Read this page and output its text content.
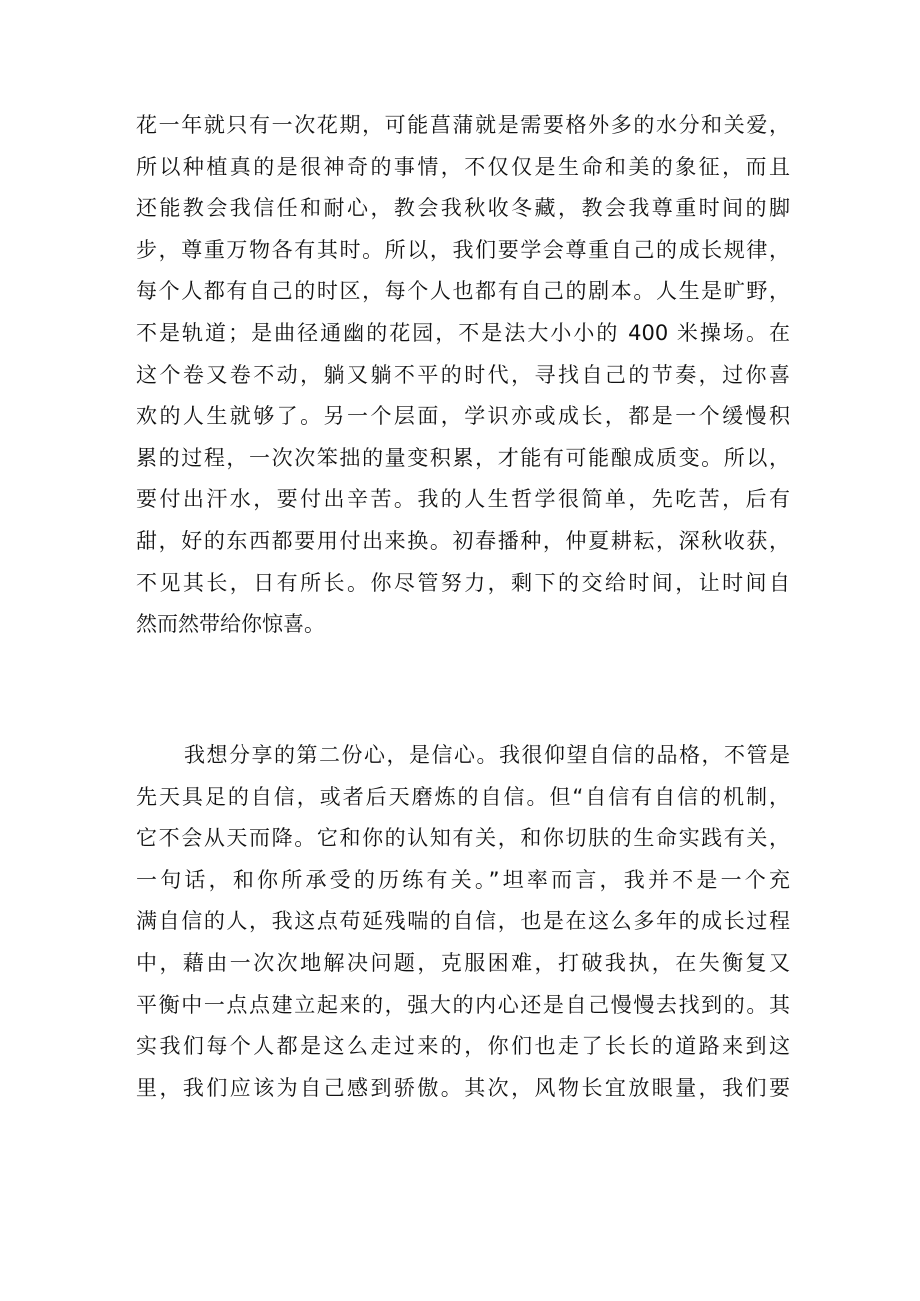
花一年就只有一次花期，可能菖蒲就是需要格外多的水分和关爱，
所以种植真的是很神奇的事情，不仅仅是生命和美的象征，而且
还能教会我信任和耐心，教会我秋收冬藏，教会我尊重时间的脚
步，尊重万物各有其时。所以，我们要学会尊重自己的成长规律，
每个人都有自己的时区，每个人也都有自己的剧本。人生是旷野，
不是轨道；是曲径通幽的花园，不是法大小小的 400 米操场。在
这个卷又卷不动，躺又躺不平的时代，寻找自己的节奏，过你喜
欢的人生就够了。另一个层面，学识亦或成长，都是一个缓慢积
累的过程，一次次笨拙的量变积累，才能有可能酿成质变。所以，
要付出汗水，要付出辛苦。我的人生哲学很简单，先吃苦，后有
甜，好的东西都要用付出来换。初春播种，仲夏耕耘，深秋收获，
不见其长，日有所长。你尽管努力，剩下的交给时间，让时间自
然而然带给你惊喜。
我想分享的第二份心，是信心。我很仰望自信的品格，不管是
先天具足的自信，或者后天磨炼的自信。但“自信有自信的机制，
它不会从天而降。它和你的认知有关，和你切肤的生命实践有关，
一句话，和你所承受的历练有关。”坦率而言，我并不是一个充
满自信的人，我这点苟延残喘的自信，也是在这么多年的成长过程
中，藉由一次次地解决问题，克服困难，打破我执，在失衡复又
平衡中一点点建立起来的，强大的内心还是自己慢慢去找到的。其
实我们每个人都是这么走过来的，你们也走了长长的道路来到这
里，我们应该为自己感到骄傲。其次，风物长宜放眼量，我们要
